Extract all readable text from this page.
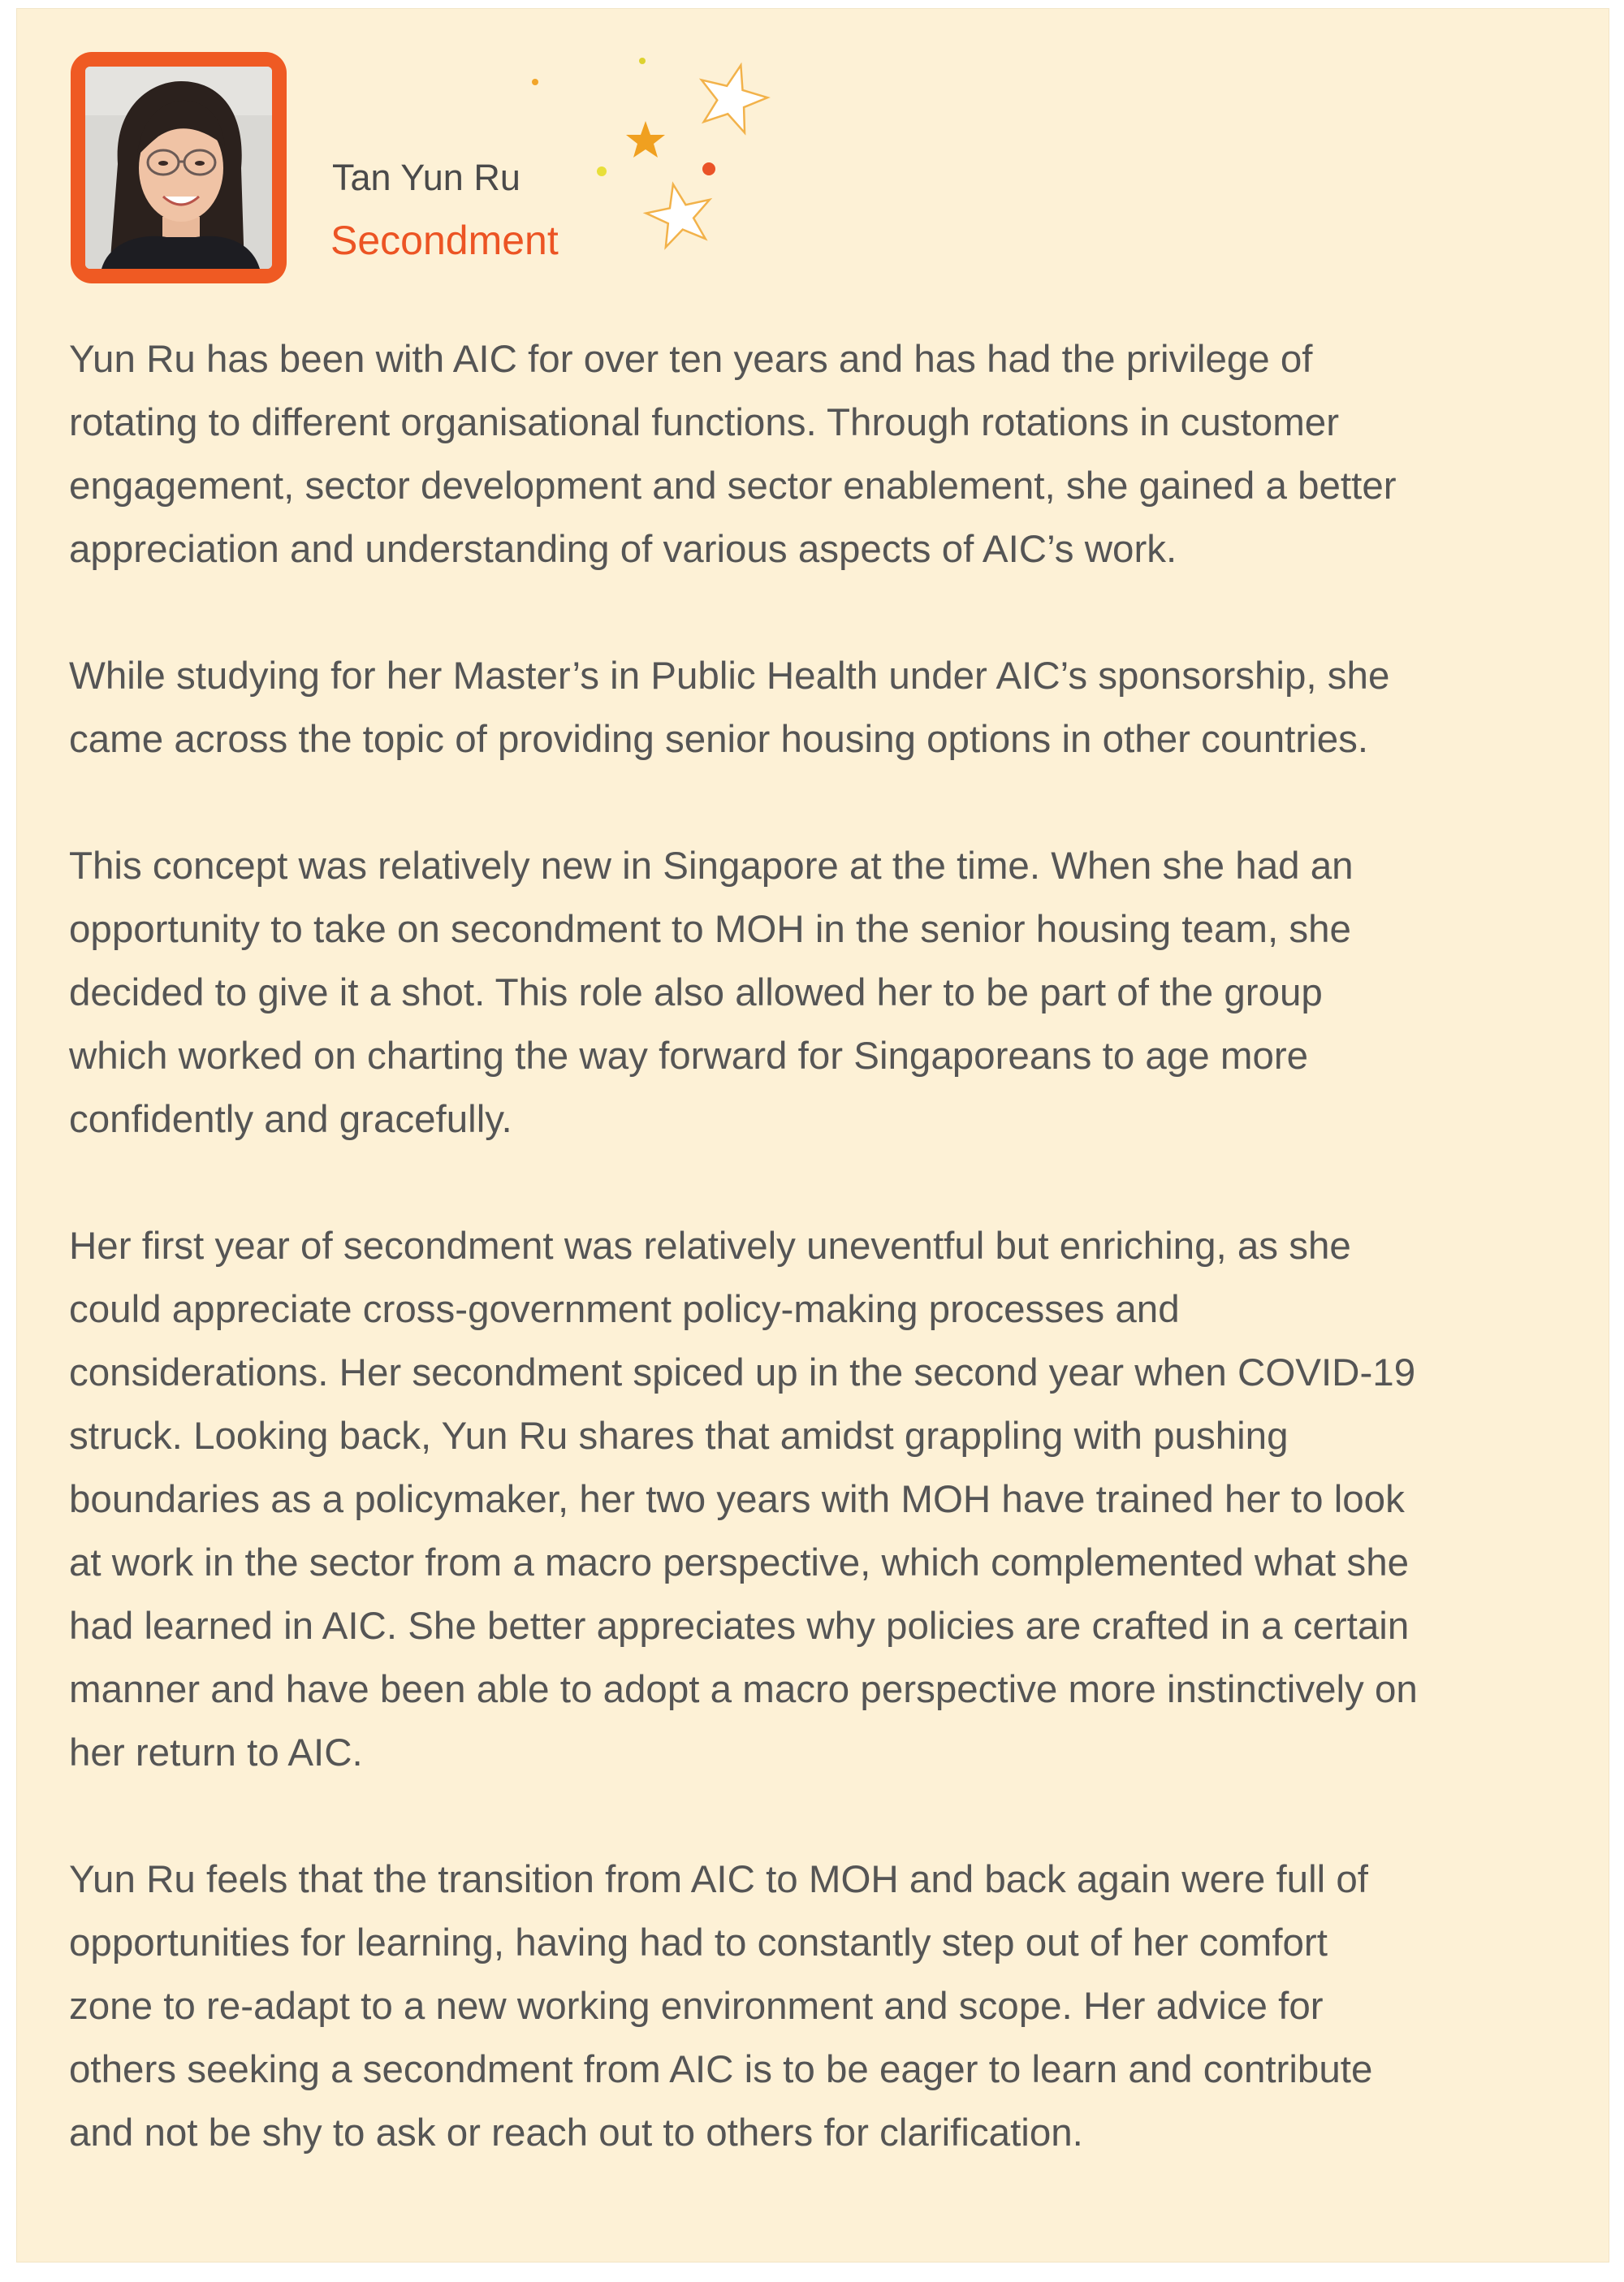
Tan Yun Ru
Secondment

Yun Ru has been with AIC for over ten years and has had the privilege of
rotating to different organisational functions. Through rotations in customer
engagement, sector development and sector enablement, she gained a better
appreciation and understanding of various aspects of AIC’s work.

While studying for her Master’s in Public Health under AIC’s sponsorship, she
came across the topic of providing senior housing options in other countries.

This concept was relatively new in Singapore at the time. When she had an
opportunity to take on secondment to MOH in the senior housing team, she
decided to give it a shot. This role also allowed her to be part of the group
which worked on charting the way forward for Singaporeans to age more
confidently and gracefully.

Her first year of secondment was relatively uneventful but enriching, as she
could appreciate cross-government policy-making processes and
considerations. Her secondment spiced up in the second year when COVID-19
struck. Looking back, Yun Ru shares that amidst grappling with pushing
boundaries as a policymaker, her two years with MOH have trained her to look
at work in the sector from a macro perspective, which complemented what she
had learned in AIC. She better appreciates why policies are crafted in a certain
manner and have been able to adopt a macro perspective more instinctively on
her return to AIC.

Yun Ru feels that the transition from AIC to MOH and back again were full of
opportunities for learning, having had to constantly step out of her comfort
zone to re-adapt to a new working environment and scope. Her advice for
others seeking a secondment from AIC is to be eager to learn and contribute
and not be shy to ask or reach out to others for clarification.
